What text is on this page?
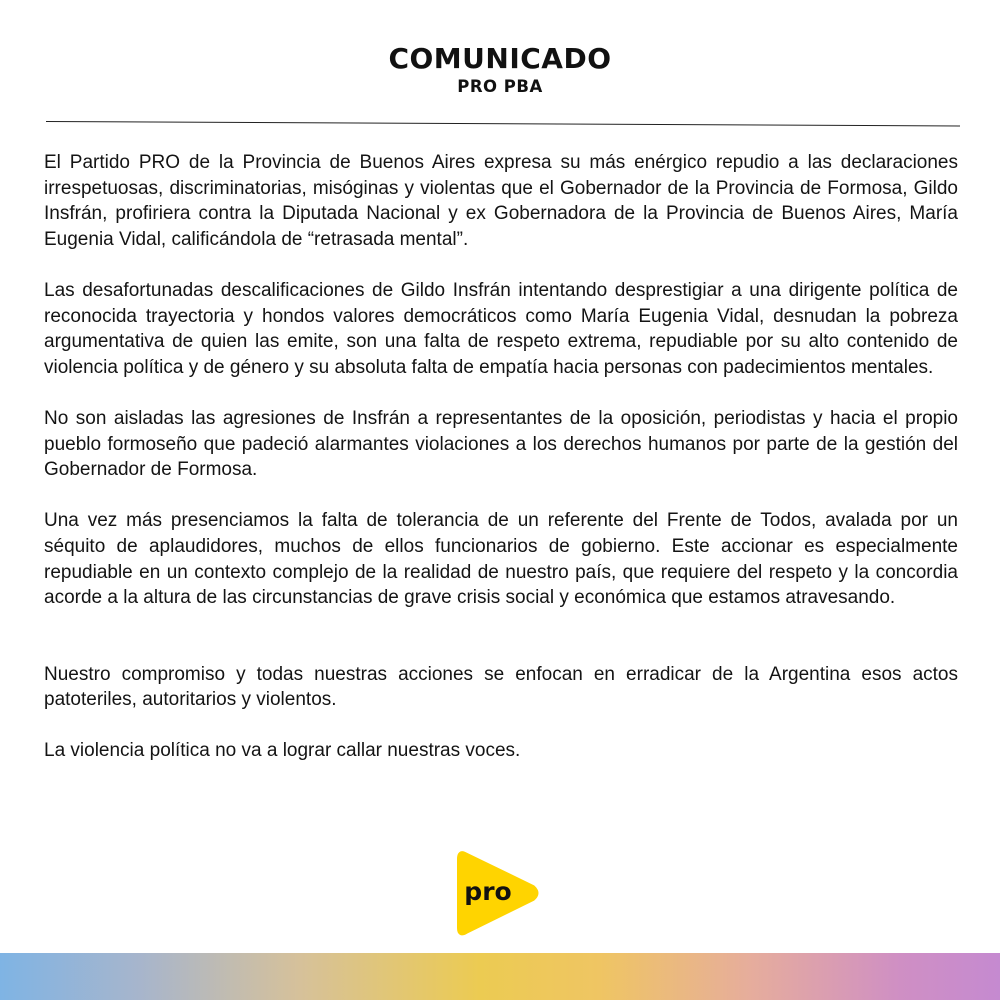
COMUNICADO
PRO PBA

El Partido PRO de la Provincia de Buenos Aires expresa su más enérgico repudio a las declaraciones irrespetuosas, discriminatorias, misóginas y violentas que el Gobernador de la Provincia de Formosa, Gildo Insfrán, profiriera contra la Diputada Nacional y ex Gobernadora de la Provincia de Buenos Aires, María Eugenia Vidal, calificándola de “retrasada mental”.

Las desafortunadas descalificaciones de Gildo Insfrán intentando desprestigiar a una dirigente política de reconocida trayectoria y hondos valores democráticos como María Eugenia Vidal, desnudan la pobreza argumentativa de quien las emite, son una falta de respeto extrema, repudiable por su alto contenido de violencia política y de género y su absoluta falta de empatía hacia personas con padecimientos mentales.

No son aisladas las agresiones de Insfrán a representantes de la oposición, periodistas y hacia el propio pueblo formoseño que padeció alarmantes violaciones a los derechos humanos por parte de la gestión del Gobernador de Formosa.

Una vez más presenciamos la falta de tolerancia de un referente del Frente de Todos, avalada por un séquito de aplaudidores, muchos de ellos funcionarios de gobierno. Este accionar es especialmente repudiable en un contexto complejo de la realidad de nuestro país, que requiere del respeto y la concordia acorde a la altura de las circunstancias de grave crisis social y económica que estamos atravesando.

Nuestro compromiso y todas nuestras acciones se enfocan en erradicar de la Argentina esos actos patoteriles, autoritarios y violentos.

La violencia política no va a lograr callar nuestras voces.

pro
